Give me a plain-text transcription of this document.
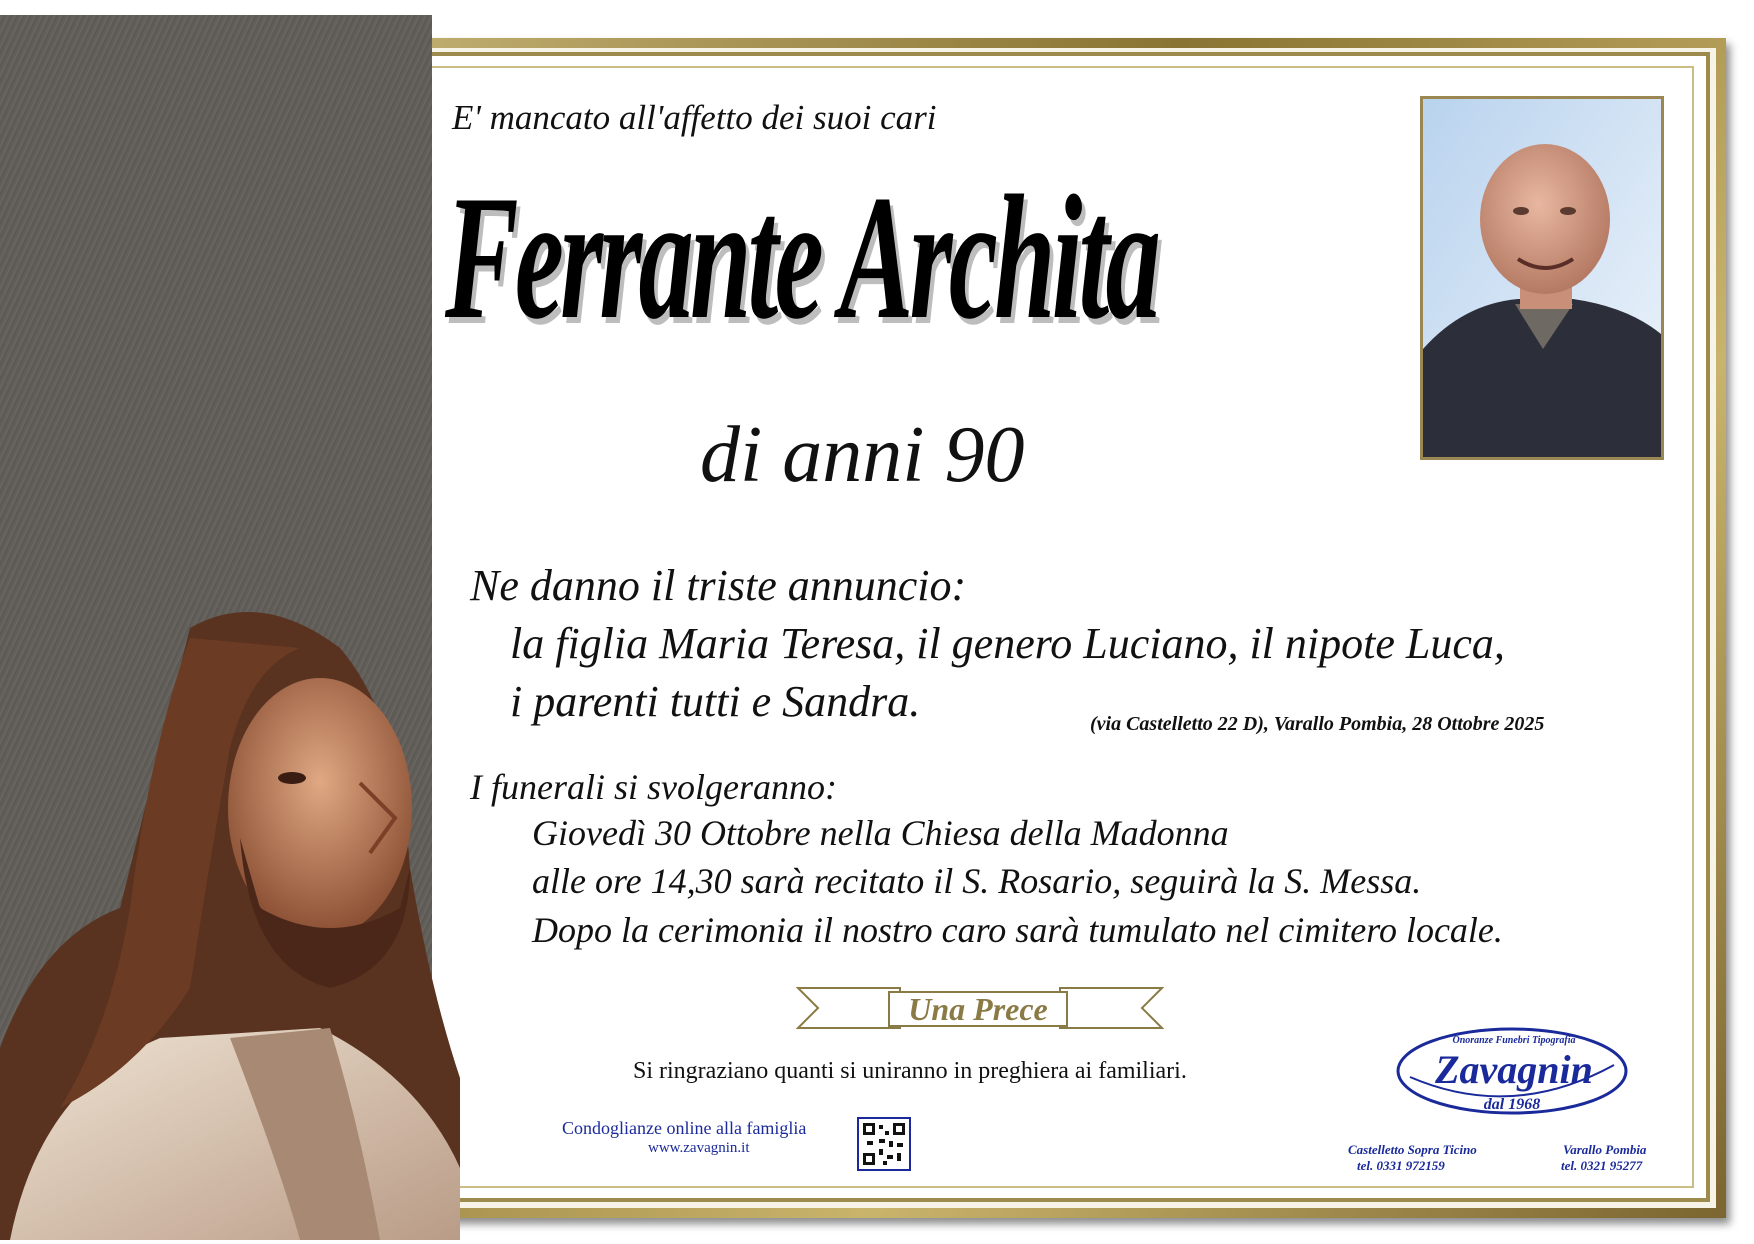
E' mancato all'affetto dei suoi cari
Ferrante Archita
di anni 90
Ne danno il triste annuncio:
la figlia Maria Teresa, il genero Luciano, il nipote Luca,
i parenti tutti e Sandra.	(via Castelletto 22 D), Varallo Pombia, 28 Ottobre 2025
I funerali si svolgeranno:
Giovedì 30 Ottobre nella Chiesa della Madonna
alle ore 14,30 sarà recitato il S. Rosario, seguirà la S. Messa.
Dopo la cerimonia il nostro caro sarà tumulato nel cimitero locale.
Una Prece
Si ringraziano quanti si uniranno in preghiera ai familiari.
Condoglianze online alla famiglia
www.zavagnin.it
Onoranze Funebri Tipografia
Zavagnin
dal 1968
Castelletto Sopra Ticino
tel. 0331 972159
Varallo Pombia
tel. 0321 95277
